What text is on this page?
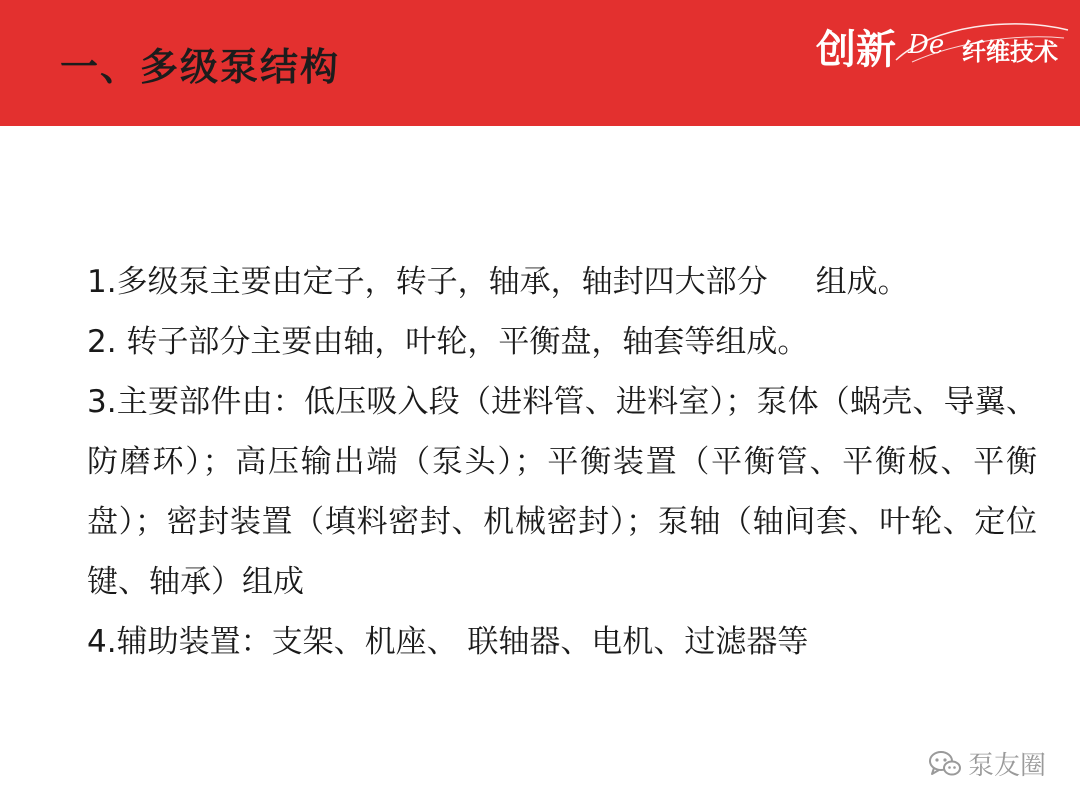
一、多级泵结构	创新 De 纤维技术

1.多级泵主要由定子，转子，轴承，轴封四大部分 组成。

2. 转子部分主要由轴，叶轮，平衡盘，轴套等组成。

3.主要部件由：低压吸入段（进料管、进料室）；泵体（蜗壳、导翼、防磨环）；高压输出端（泵头）；平衡装置（平衡管、平衡板、平衡盘）；密封装置（填料密封、机械密封）；泵轴（轴间套、叶轮、定位键、轴承）组成

4.辅助装置：支架、机座、 联轴器、电机、过滤器等

泵友圈
